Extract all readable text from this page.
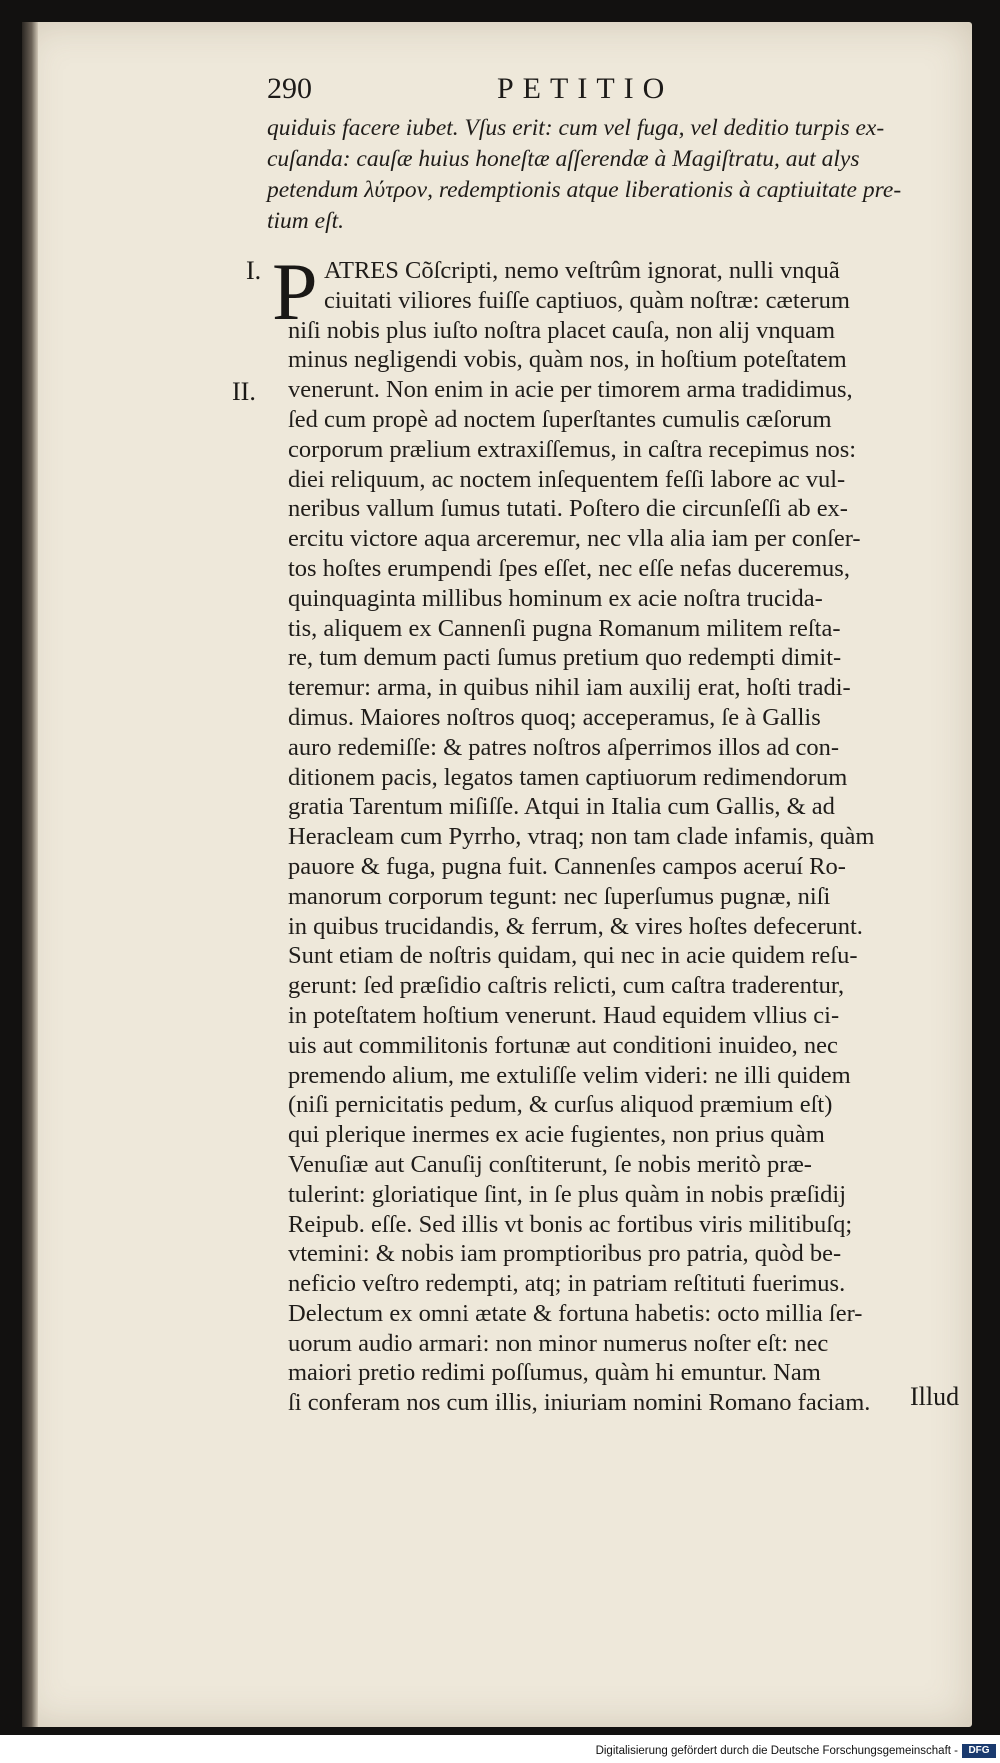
290	PETITIO
quiduis facere iubet. Vſus erit: cum vel fuga, vel deditio turpis ex-
cuſanda: cauſæ huius honeſtæ aſſerendæ à Magiſtratu, aut alys
petendum λύτρον, redemptionis atque liberationis à captiuitate pre-
tium eſt.
I.
II.
P ATRES Cõſcripti, nemo veſtrûm ignorat, nulli vnquã
ciuitati viliores fuiſſe captiuos, quàm noſtræ: cæterum
niſi nobis plus iuſto noſtra placet cauſa, non alij vnquam
minus negligendi vobis, quàm nos, in hoſtium poteſtatem
venerunt. Non enim in acie per timorem arma tradidimus,
ſed cum propè ad noctem ſuperſtantes cumulis cæſorum
corporum prælium extraxiſſemus, in caſtra recepimus nos:
diei reliquum, ac noctem inſequentem feſſi labore ac vul-
neribus vallum ſumus tutati. Poſtero die circunſeſſi ab ex-
ercitu victore aqua arceremur, nec vlla alia iam per conſer-
tos hoſtes erumpendi ſpes eſſet, nec eſſe nefas duceremus,
quinquaginta millibus hominum ex acie noſtra trucida-
tis, aliquem ex Cannenſi pugna Romanum militem reſta-
re, tum demum pacti ſumus pretium quo redempti dimit-
teremur: arma, in quibus nihil iam auxilij erat, hoſti tradi-
dimus. Maiores noſtros quoq; acceperamus, ſe à Gallis
auro redemiſſe: & patres noſtros aſperrimos illos ad con-
ditionem pacis, legatos tamen captiuorum redimendorum
gratia Tarentum miſiſſe. Atqui in Italia cum Gallis, & ad
Heracleam cum Pyrrho, vtraq; non tam clade infamis, quàm
pauore & fuga, pugna fuit. Cannenſes campos aceruí Ro-
manorum corporum tegunt: nec ſuperſumus pugnæ, niſi
in quibus trucidandis, & ferrum, & vires hoſtes defecerunt.
Sunt etiam de noſtris quidam, qui nec in acie quidem reſu-
gerunt: ſed præſidio caſtris relicti, cum caſtra traderentur,
in poteſtatem hoſtium venerunt. Haud equidem vllius ci-
uis aut commilitonis fortunæ aut conditioni inuideo, nec
premendo alium, me extuliſſe velim videri: ne illi quidem
(niſi pernicitatis pedum, & curſus aliquod præmium eſt)
qui plerique inermes ex acie fugientes, non prius quàm
Venuſiæ aut Canuſij conſtiterunt, ſe nobis meritò præ-
tulerint: gloriatique ſint, in ſe plus quàm in nobis præſidij
Reipub. eſſe. Sed illis vt bonis ac fortibus viris militibuſq;
vtemini: & nobis iam promptioribus pro patria, quòd be-
neficio veſtro redempti, atq; in patriam reſtituti fuerimus.
Delectum ex omni ætate & fortuna habetis: octo millia ſer-
uorum audio armari: non minor numerus noſter eſt: nec
maiori pretio redimi poſſumus, quàm hi emuntur. Nam
ſi conferam nos cum illis, iniuriam nomini Romano faciam.	Illud
Digitalisierung gefördert durch die Deutsche Forschungsgemeinschaft -	DFG
